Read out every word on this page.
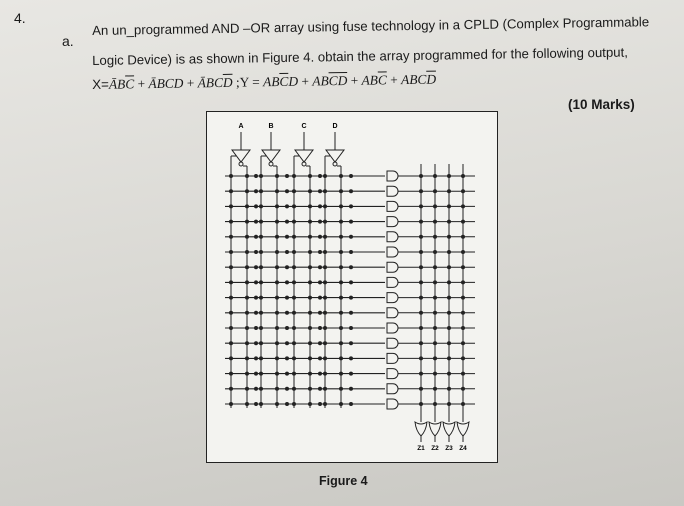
4.
a.
An un_programmed AND –OR array using fuse technology in a CPLD (Complex Programmable
Logic Device) is as shown in Figure 4. obtain the array programmed for the following output,
$X=ĀB\overline{C}$ + ĀBCD + $ĀBC\overline{D}$ ;Y = $AB\overline{C}D + AB\overline{C}\overline{D} + AB\overline{C} + ABC\overline{D}$
(10 Marks)
A	B	C	D
Z1 Z2 Z3 Z4
Figure 4
